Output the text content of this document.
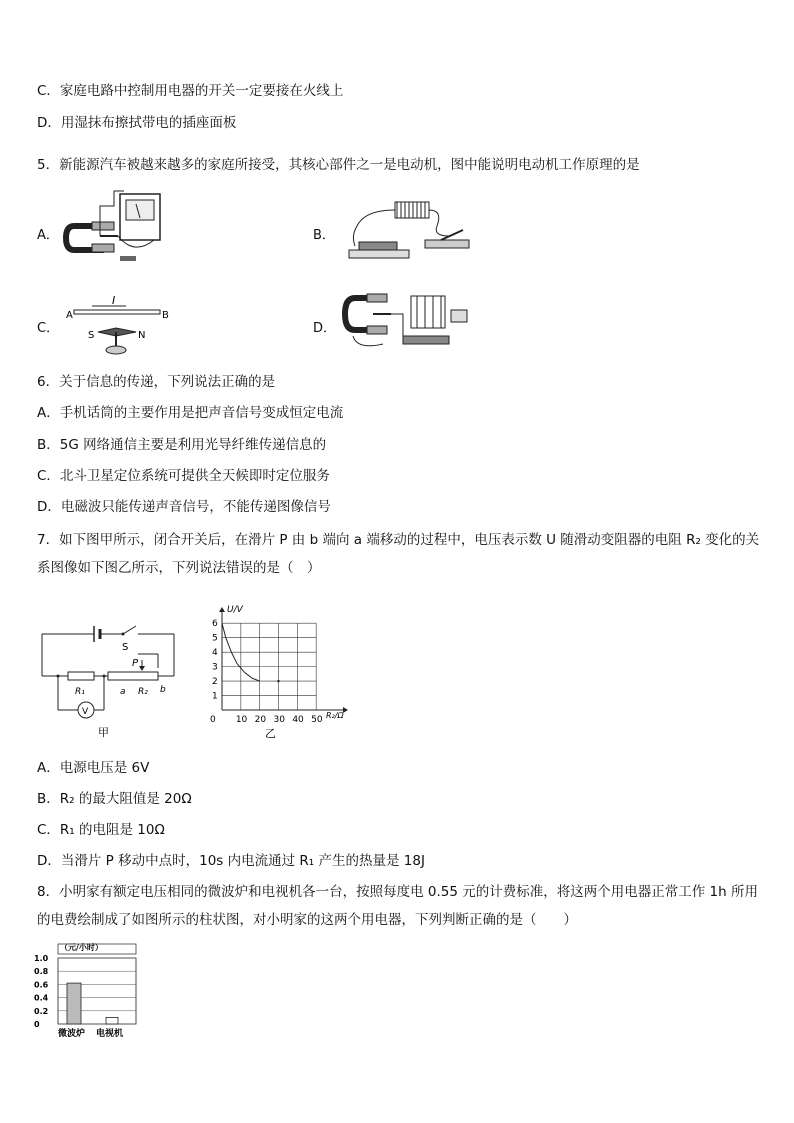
C．家庭电路中控制用电器的开关一定要接在火线上
D．用湿抹布擦拭带电的插座面板
5．新能源汽车被越来越多的家庭所接受，其核心部件之一是电动机，图中能说明电动机工作原理的是
A．	B．
C．	D．
A	B
I
S	N
6．关于信息的传递，下列说法正确的是
A．手机话筒的主要作用是把声音信号变成恒定电流
B．5G 网络通信主要是利用光导纤维传递信息的
C．北斗卫星定位系统可提供全天候即时定位服务
D．电磁波只能传递声音信号，不能传递图像信号
7．如下图甲所示，闭合开关后，在滑片 P 由 b 端向 a 端移动的过程中，电压表示数 U 随滑动变阻器的电阻 R₂ 变化的关系图像如下图乙所示，下列说法错误的是（　）
S
P
R₁	a R₂ b
V
甲
0 10 20 30 40 50
1
2
3
4
5
6
U/V
R₂/Ω
乙
A．电源电压是 6V
B．R₂ 的最大阻值是 20Ω
C．R₁ 的电阻是 10Ω
D．当滑片 P 移动中点时，10s 内电流通过 R₁ 产生的热量是 18J
8．小明家有额定电压相同的微波炉和电视机各一台，按照每度电 0.55 元的计费标准，将这两个用电器正常工作 1h 所用的电费绘制成了如图所示的柱状图，对小明家的这两个用电器，下列判断正确的是（　　）
（元/小时）
0
0.2
0.4
0.6
0.8
1.0
微波炉 电视机
